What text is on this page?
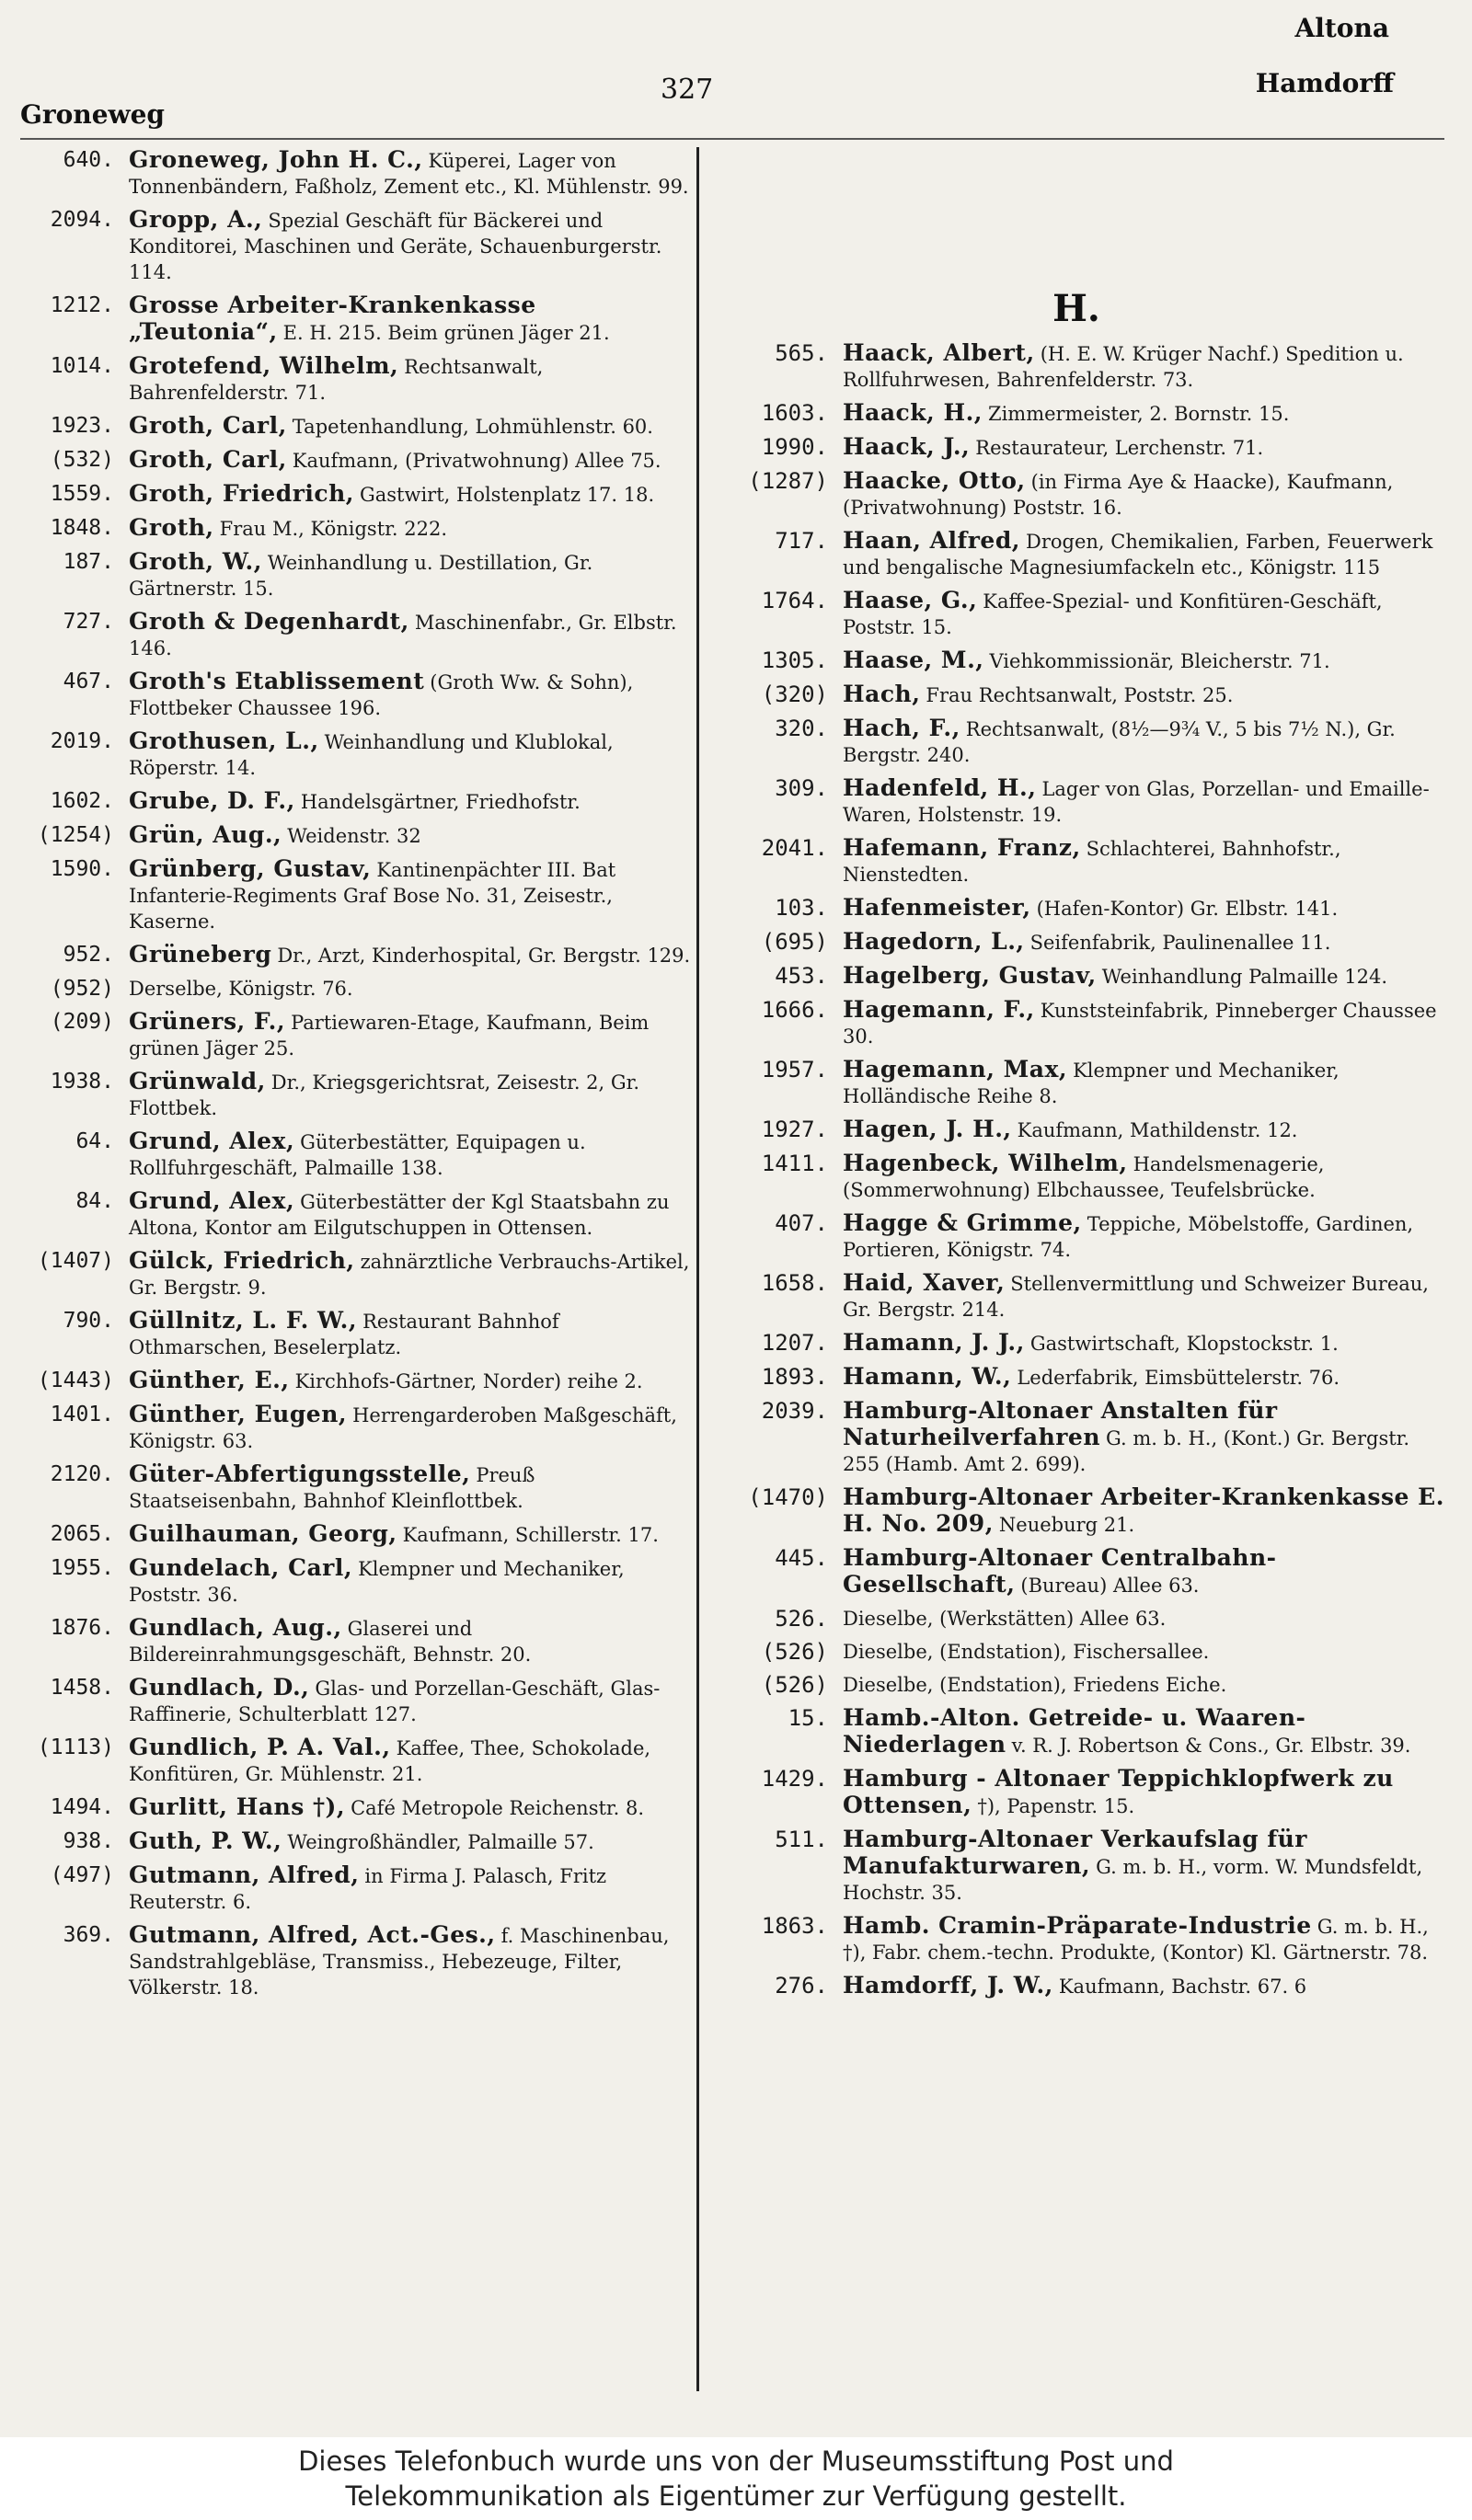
Groneweg
327
Altona
Hamdorff
640. Groneweg, John H. C., Küperei, Lager von Tonnenbändern, Faßholz, Zement etc., Kl. Mühlenstr. 99.
2094. Gropp, A., Spezial Geschäft für Bäckerei und Konditorei, Maschinen und Geräte, Schauenburgerstr. 114.
1212. Grosse Arbeiter-Krankenkasse „Teutonia“, E. H. 215. Beim grünen Jäger 21.
1014. Grotefend, Wilhelm, Rechtsanwalt, Bahrenfelderstr. 71.
1923. Groth, Carl, Tapetenhandlung, Lohmühlenstr. 60.
(532) Groth, Carl, Kaufmann, (Privatwohnung) Allee 75.
1559. Groth, Friedrich, Gastwirt, Holstenplatz 17. 18.
1848. Groth, Frau M., Königstr. 222.
187. Groth, W., Weinhandlung u. Destillation, Gr. Gärtnerstr. 15.
727. Groth & Degenhardt, Maschinenfabr., Gr. Elbstr. 146.
467. Groth's Etablissement (Groth Ww. & Sohn), Flottbeker Chaussee 196.
2019. Grothusen, L., Weinhandlung und Klublokal, Röperstr. 14.
1602. Grube, D. F., Handelsgärtner, Friedhofstr.
(1254) Grün, Aug., Weidenstr. 32
1590. Grünberg, Gustav, Kantinenpächter III. Bat Infanterie-Regiments Graf Bose No. 31, Zeisestr., Kaserne.
952. Grüneberg Dr., Arzt, Kinderhospital, Gr. Bergstr. 129.
(952) Derselbe, Königstr. 76.
(209) Grüners, F., Partiewaren-Etage, Kaufmann, Beim grünen Jäger 25.
1938. Grünwald, Dr., Kriegsgerichtsrat, Zeisestr. 2, Gr. Flottbek.
64. Grund, Alex, Güterbestätter, Equipagen u. Rollfuhrgeschäft, Palmaille 138.
84. Grund, Alex, Güterbestätter der Kgl Staatsbahn zu Altona, Kontor am Eilgutschuppen in Ottensen.
(1407) Gülck, Friedrich, zahnärztliche Verbrauchs-Artikel, Gr. Bergstr. 9.
790. Güllnitz, L. F. W., Restaurant Bahnhof Othmarschen, Beselerplatz.
(1443) Günther, E., Kirchhofs-Gärtner, Norder) reihe 2.
1401. Günther, Eugen, Herrengarderoben Maßgeschäft, Königstr. 63.
2120. Güter-Abfertigungsstelle, Preuß Staatseisenbahn, Bahnhof Kleinflottbek.
2065. Guilhauman, Georg, Kaufmann, Schillerstr. 17.
1955. Gundelach, Carl, Klempner und Mechaniker, Poststr. 36.
1876. Gundlach, Aug., Glaserei und Bildereinrahmungsgeschäft, Behnstr. 20.
1458. Gundlach, D., Glas- und Porzellan-Geschäft, Glas-Raffinerie, Schulterblatt 127.
(1113) Gundlich, P. A. Val., Kaffee, Thee, Schokolade, Konfitüren, Gr. Mühlenstr. 21.
1494. Gurlitt, Hans †), Café Metropole Reichenstr. 8.
938. Guth, P. W., Weingroßhändler, Palmaille 57.
(497) Gutmann, Alfred, in Firma J. Palasch, Fritz Reuterstr. 6.
369. Gutmann, Alfred, Act.-Ges., f. Maschinenbau, Sandstrahlgebläse, Transmiss., Hebezeuge, Filter, Völkerstr. 18.
H.
565. Haack, Albert, (H. E. W. Krüger Nachf.) Spedition u. Rollfuhrwesen, Bahrenfelderstr. 73.
1603. Haack, H., Zimmermeister, 2. Bornstr. 15.
1990. Haack, J., Restaurateur, Lerchenstr. 71.
(1287) Haacke, Otto, (in Firma Aye & Haacke), Kaufmann, (Privatwohnung) Poststr. 16.
717. Haan, Alfred, Drogen, Chemikalien, Farben, Feuerwerk und bengalische Magnesiumfackeln etc., Königstr. 115
1764. Haase, G., Kaffee-Spezial- und Konfitüren-Geschäft, Poststr. 15.
1305. Haase, M., Viehkommissionär, Bleicherstr. 71.
(320) Hach, Frau Rechtsanwalt, Poststr. 25.
320. Hach, F., Rechtsanwalt, (8½—9¾ V., 5 bis 7½ N.), Gr. Bergstr. 240.
309. Hadenfeld, H., Lager von Glas, Porzellan- und Emaille-Waren, Holstenstr. 19.
2041. Hafemann, Franz, Schlachterei, Bahnhofstr., Nienstedten.
103. Hafenmeister, (Hafen-Kontor) Gr. Elbstr. 141.
(695) Hagedorn, L., Seifenfabrik, Paulinenallee 11.
453. Hagelberg, Gustav, Weinhandlung Palmaille 124.
1666. Hagemann, F., Kunststeinfabrik, Pinneberger Chaussee 30.
1957. Hagemann, Max, Klempner und Mechaniker, Holländische Reihe 8.
1927. Hagen, J. H., Kaufmann, Mathildenstr. 12.
1411. Hagenbeck, Wilhelm, Handelsmenagerie, (Sommerwohnung) Elbchaussee, Teufelsbrücke.
407. Hagge & Grimme, Teppiche, Möbelstoffe, Gardinen, Portieren, Königstr. 74.
1658. Haid, Xaver, Stellenvermittlung und Schweizer Bureau, Gr. Bergstr. 214.
1207. Hamann, J. J., Gastwirtschaft, Klopstockstr. 1.
1893. Hamann, W., Lederfabrik, Eimsbüttelerstr. 76.
2039. Hamburg-Altonaer Anstalten für Naturheilverfahren G. m. b. H., (Kont.) Gr. Bergstr. 255 (Hamb. Amt 2. 699).
(1470) Hamburg-Altonaer Arbeiter-Krankenkasse E. H. No. 209, Neueburg 21.
445. Hamburg-Altonaer Centralbahn-Gesellschaft, (Bureau) Allee 63.
526. Dieselbe, (Werkstätten) Allee 63.
(526) Dieselbe, (Endstation), Fischersallee.
(526) Dieselbe, (Endstation), Friedens Eiche.
15. Hamb.-Alton. Getreide- u. Waaren-Niederlagen v. R. J. Robertson & Cons., Gr. Elbstr. 39.
1429. Hamburg - Altonaer Teppichklopfwerk zu Ottensen, †), Papenstr. 15.
511. Hamburg-Altonaer Verkaufslag für Manufakturwaren, G. m. b. H., vorm. W. Mundsfeldt, Hochstr. 35.
1863. Hamb. Cramin-Präparate-Industrie G. m. b. H., †), Fabr. chem.-techn. Produkte, (Kontor) Kl. Gärtnerstr. 78.
276. Hamdorff, J. W., Kaufmann, Bachstr. 67. 6
Dieses Telefonbuch wurde uns von der Museumsstiftung Post und
Telekommunikation als Eigentümer zur Verfügung gestellt.
